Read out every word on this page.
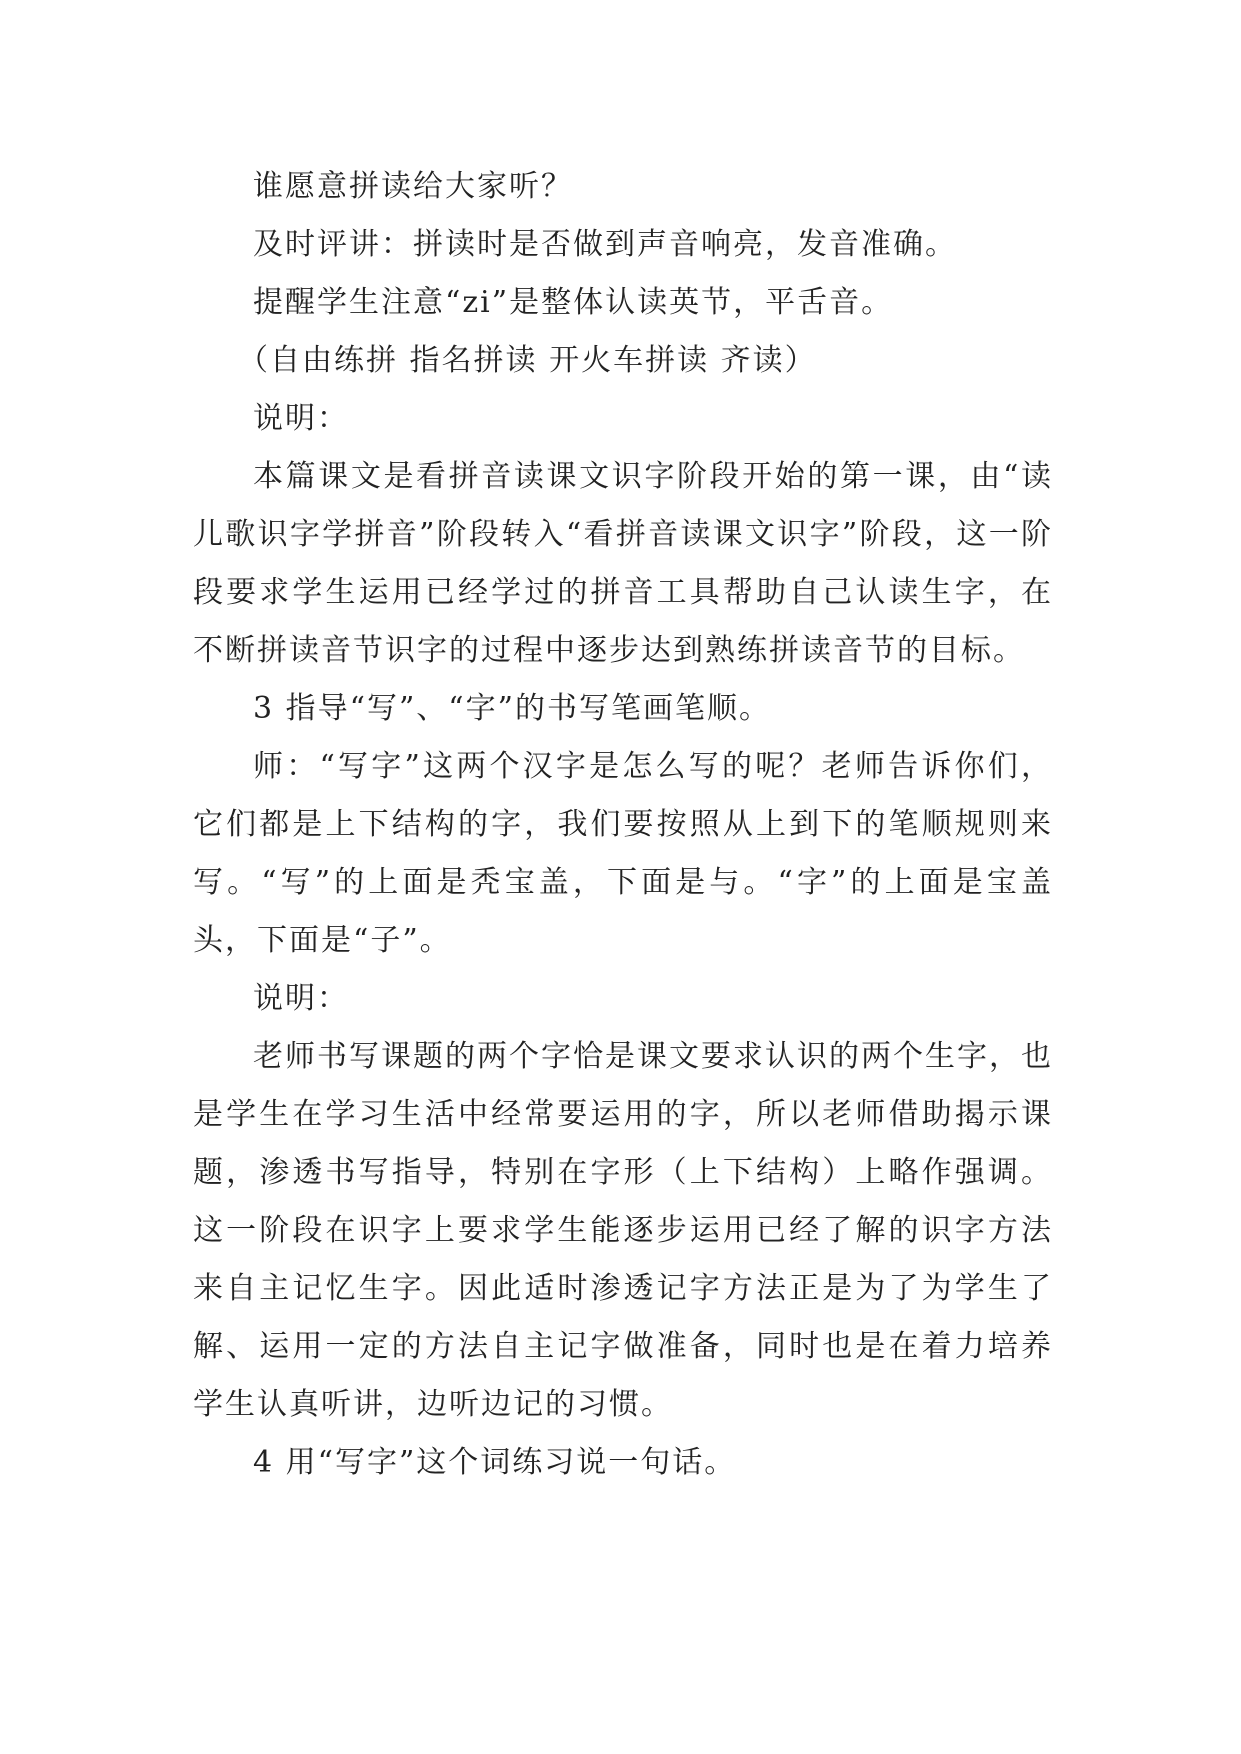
谁愿意拼读给大家听？

及时评讲：拼读时是否做到声音响亮，发音准确。

提醒学生注意“zi”是整体认读英节，平舌音。

（自由练拼 指名拼读 开火车拼读 齐读）

说明：

本篇课文是看拼音读课文识字阶段开始的第一课，由“读儿歌识字学拼音”阶段转入“看拼音读课文识字”阶段，这一阶段要求学生运用已经学过的拼音工具帮助自己认读生字，在不断拼读音节识字的过程中逐步达到熟练拼读音节的目标。

3 指导“写”、“字”的书写笔画笔顺。

师：“写字”这两个汉字是怎么写的呢？老师告诉你们，它们都是上下结构的字，我们要按照从上到下的笔顺规则来写。“写”的上面是秃宝盖，下面是与。“字”的上面是宝盖头，下面是“子”。

说明：

老师书写课题的两个字恰是课文要求认识的两个生字，也是学生在学习生活中经常要运用的字，所以老师借助揭示课题，渗透书写指导，特别在字形（上下结构）上略作强调。这一阶段在识字上要求学生能逐步运用已经了解的识字方法来自主记忆生字。因此适时渗透记字方法正是为了为学生了解、运用一定的方法自主记字做准备，同时也是在着力培养学生认真听讲，边听边记的习惯。

4 用“写字”这个词练习说一句话。
